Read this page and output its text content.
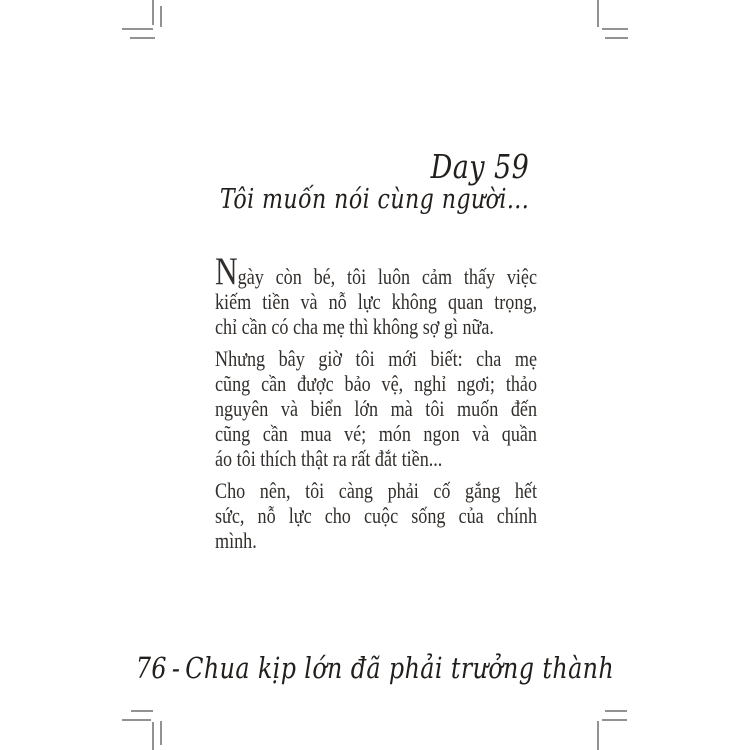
Day 59
Tôi muốn nói cùng người...
Ngày còn bé, tôi luôn cảm thấy việc
kiếm tiền và nỗ lực không quan trọng,
chỉ cần có cha mẹ thì không sợ gì nữa.
Nhưng bây giờ tôi mới biết: cha mẹ
cũng cần được bảo vệ, nghỉ ngơi; thảo
nguyên và biển lớn mà tôi muốn đến
cũng cần mua vé; món ngon và quần
áo tôi thích thật ra rất đắt tiền...
Cho nên, tôi càng phải cố gắng hết
sức, nỗ lực cho cuộc sống của chính
mình.
76 - Chua kịp lớn đã phải trưởng thành
